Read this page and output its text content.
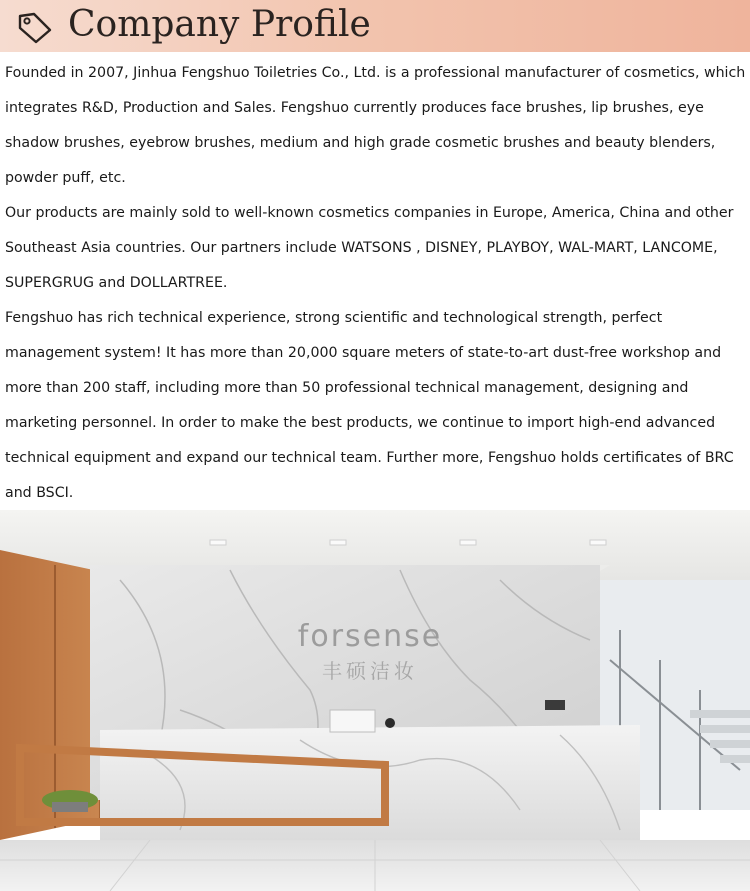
Company Profile

Founded in 2007, Jinhua Fengshuo Toiletries Co., Ltd. is a professional manufacturer of cosmetics, which integrates R&D, Production and Sales. Fengshuo currently produces face brushes, lip brushes, eye shadow brushes, eyebrow brushes, medium and high grade cosmetic brushes and beauty blenders, powder puff, etc.

Our products are mainly sold to well-known cosmetics companies in Europe, America, China and other Southeast Asia countries. Our partners include WATSONS , DISNEY, PLAYBOY, WAL-MART, LANCOME, SUPERGRUG and DOLLARTREE.

Fengshuo has rich technical experience, strong scientific and technological strength, perfect management system! It has more than 20,000 square meters of state-to-art dust-free workshop and more than 200 staff, including more than 50 professional technical management, designing and marketing personnel. In order to make the best products, we continue to import high-end advanced technical equipment and expand our technical team. Further more, Fengshuo holds certificates of BRC and BSCI.

forsense
丰硕洁妆
